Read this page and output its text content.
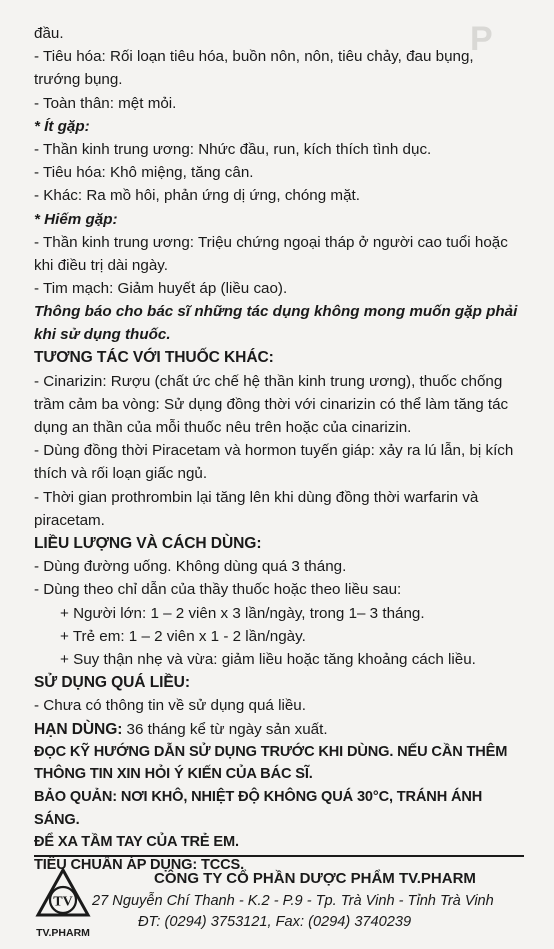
P

đầu.

- Tiêu hóa: Rối loạn tiêu hóa, buồn nôn, nôn, tiêu chảy, đau bụng, trướng bụng.

- Toàn thân: mệt mỏi.

* Ít gặp:

- Thần kinh trung ương: Nhức đầu, run, kích thích tình dục.

- Tiêu hóa: Khô miệng, tăng cân.

- Khác: Ra mồ hôi, phản ứng dị ứng, chóng mặt.

* Hiếm gặp:

- Thần kinh trung ương: Triệu chứng ngoại tháp ở người cao tuổi hoặc khi điều trị dài ngày.

- Tim mạch: Giảm huyết áp (liều cao).

Thông báo cho bác sĩ những tác dụng không mong muốn gặp phải khi sử dụng thuốc.

TƯƠNG TÁC VỚI THUỐC KHÁC:

- Cinarizin: Rượu (chất ức chế hệ thần kinh trung ương), thuốc chống trầm cảm ba vòng: Sử dụng đồng thời với cinarizin có thể làm tăng tác dụng an thần của mỗi thuốc nêu trên hoặc của cinarizin.

- Dùng đồng thời Piracetam và hormon tuyến giáp: xảy ra lú lẫn, bị kích thích và rối loạn giấc ngủ.

- Thời gian prothrombin lại tăng lên khi dùng đồng thời warfarin và piracetam.

LIỀU LƯỢNG VÀ CÁCH DÙNG:

- Dùng đường uống. Không dùng quá 3 tháng.

- Dùng theo chỉ dẫn của thầy thuốc hoặc theo liều sau:

+ Người lớn: 1 – 2 viên x 3 lần/ngày, trong 1– 3 tháng.

+ Trẻ em: 1 – 2 viên x 1 - 2 lần/ngày.

+ Suy thận nhẹ và vừa: giảm liều hoặc tăng khoảng cách liều.

SỬ DỤNG QUÁ LIỀU:

- Chưa có thông tin về sử dụng quá liều.

HẠN DÙNG: 36 tháng kể từ ngày sản xuất.

ĐỌC KỸ HƯỚNG DẪN SỬ DỤNG TRƯỚC KHI DÙNG. NẾU CẦN THÊM THÔNG TIN XIN HỎI Ý KIẾN CỦA BÁC SĨ.

BẢO QUẢN: NƠI KHÔ, NHIỆT ĐỘ KHÔNG QUÁ 30°C, TRÁNH ÁNH SÁNG.

ĐỂ XA TẦM TAY CỦA TRẺ EM.

TIÊU CHUẨN ÁP DỤNG: TCCS.

TV
TV.PHARM
CÔNG TY CỔ PHẦN DƯỢC PHẨM TV.PHARM
27 Nguyễn Chí Thanh - K.2 - P.9 - Tp. Trà Vinh - Tỉnh Trà Vinh
ĐT: (0294) 3753121, Fax: (0294) 3740239
